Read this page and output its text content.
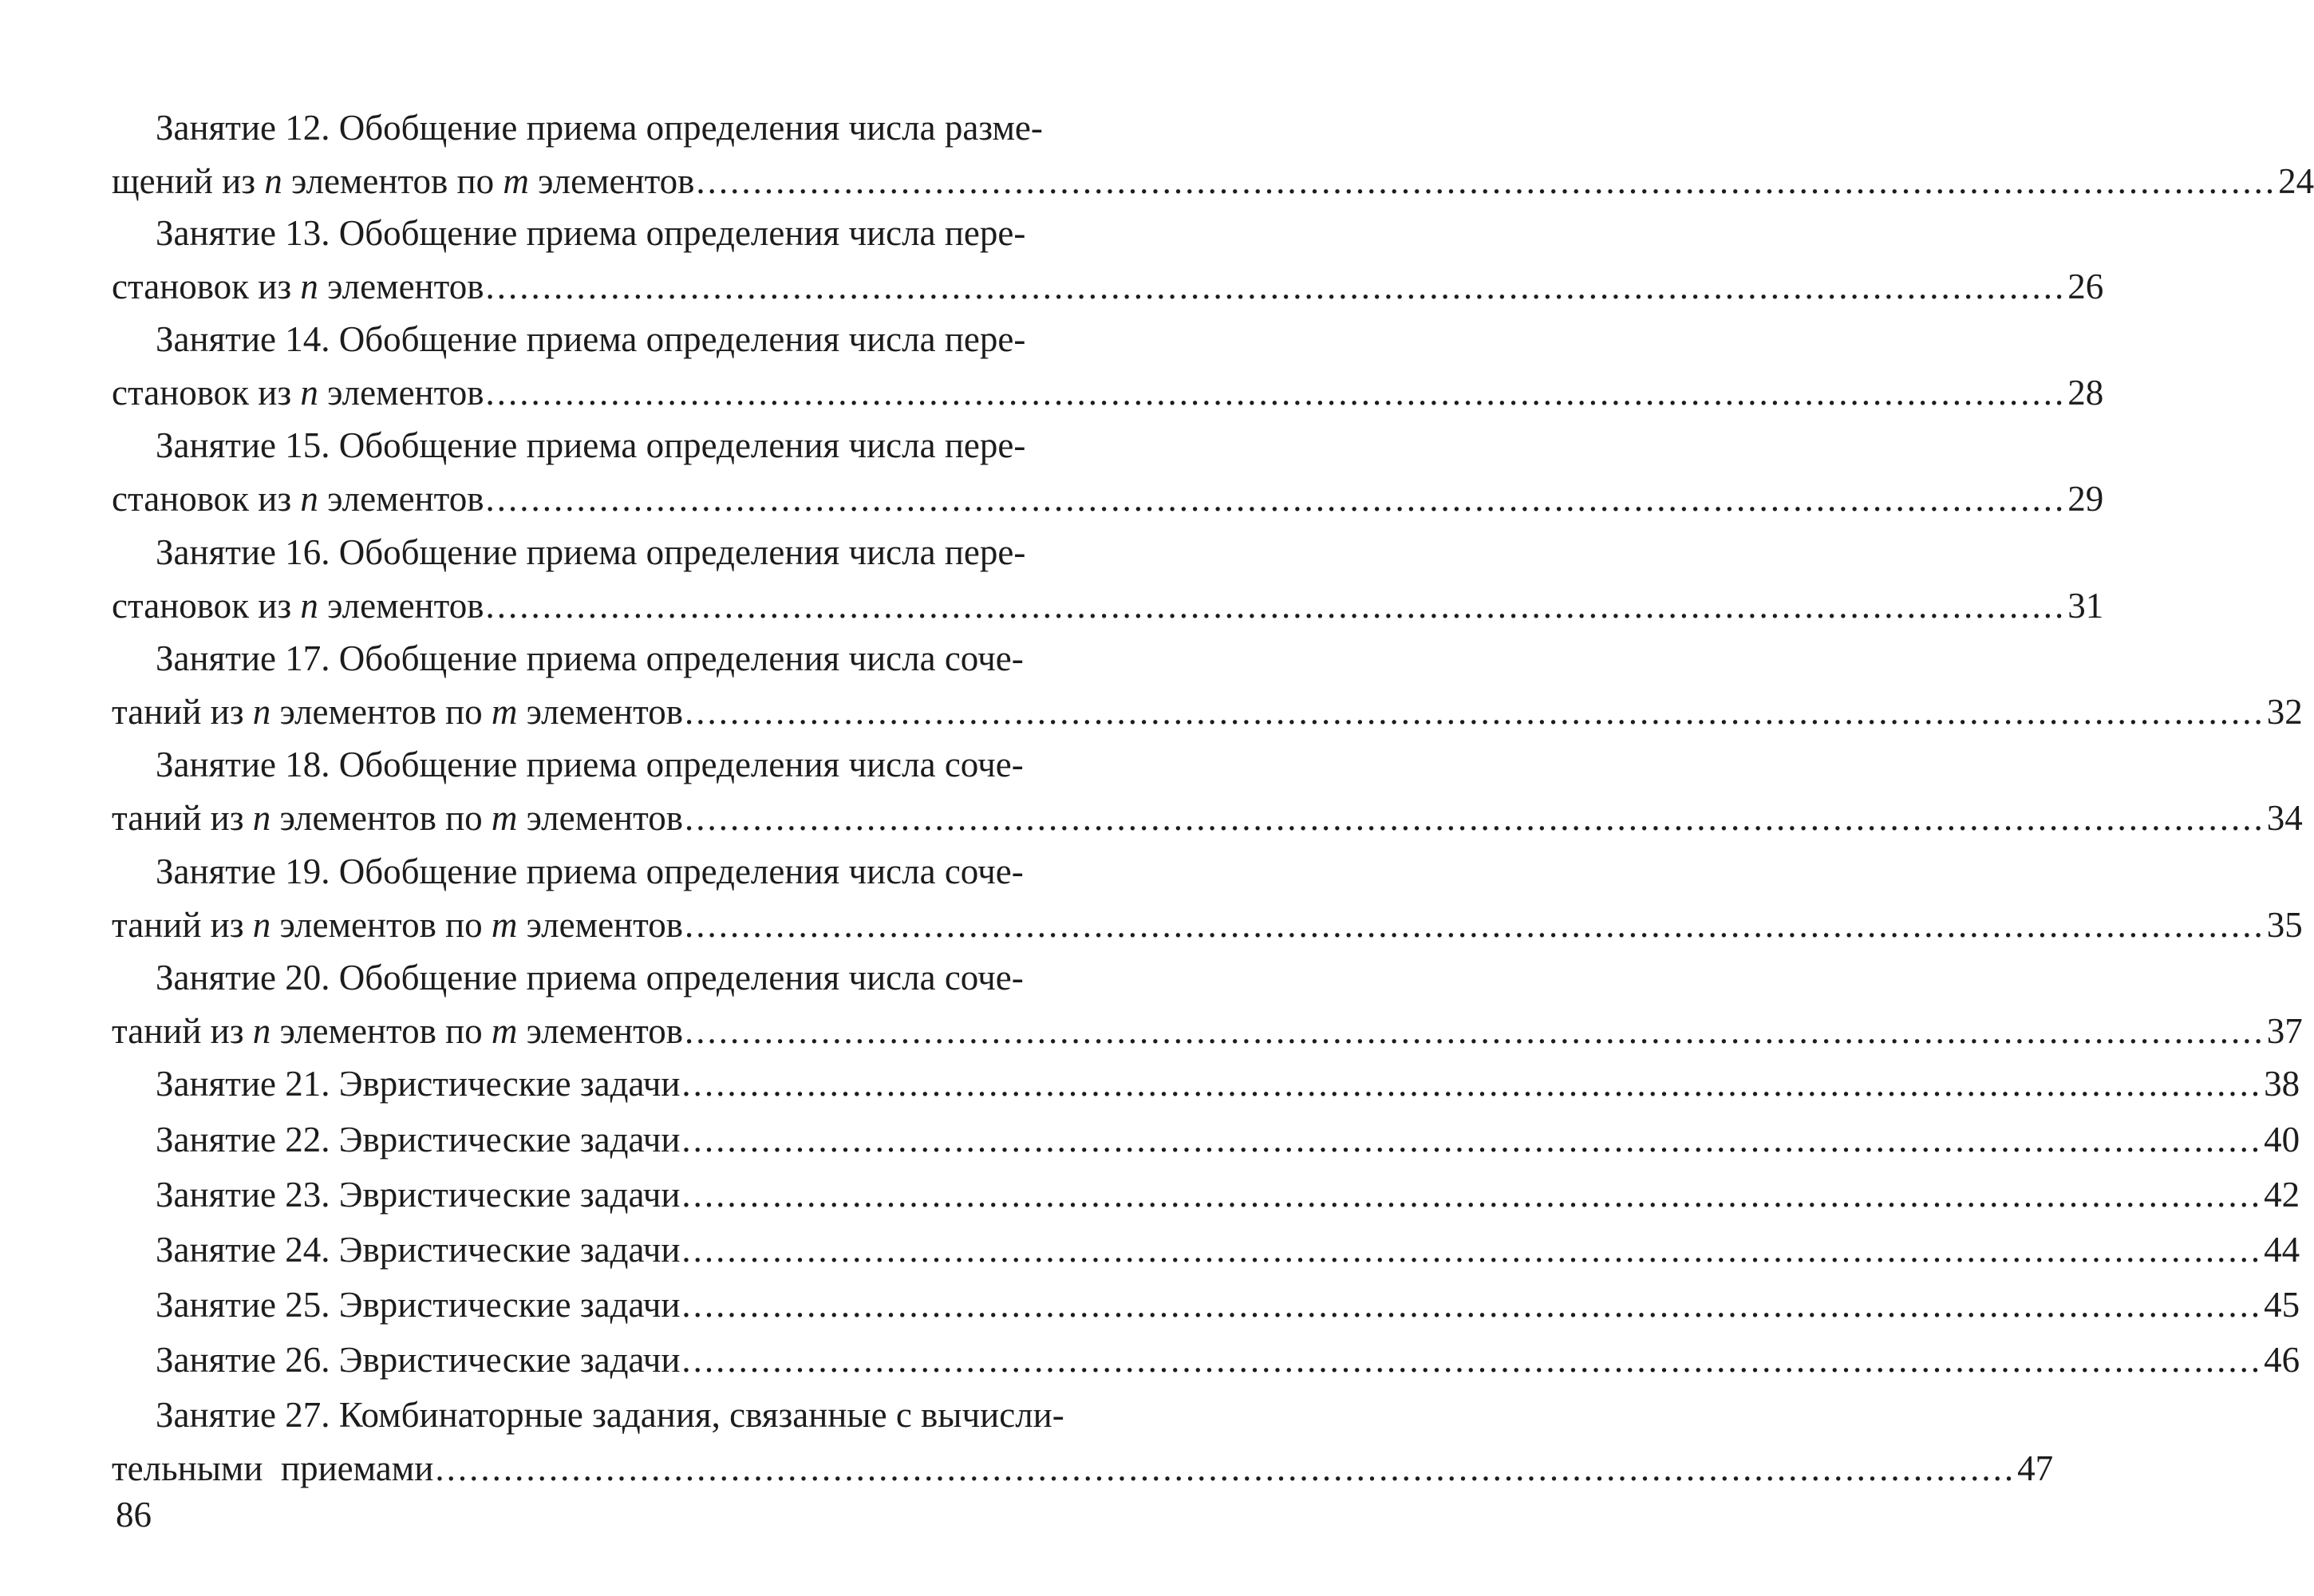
Занятие 12. Обобщение приема определения числа разме-
щений из n элементов по m элементов ........................................................................................................................................... 24
Занятие 13. Обобщение приема определения числа пере-
становок из n элементов ........................................................................................................................................... 26
Занятие 14. Обобщение приема определения числа пере-
становок из n элементов ........................................................................................................................................... 28
Занятие 15. Обобщение приема определения числа пере-
становок из n элементов ........................................................................................................................................... 29
Занятие 16. Обобщение приема определения числа пере-
становок из n элементов ........................................................................................................................................... 31
Занятие 17. Обобщение приема определения числа соче-
таний из n элементов по m элементов ........................................................................................................................................... 32
Занятие 18. Обобщение приема определения числа соче-
таний из n элементов по m элементов ........................................................................................................................................... 34
Занятие 19. Обобщение приема определения числа соче-
таний из n элементов по m элементов ........................................................................................................................................... 35
Занятие 20. Обобщение приема определения числа соче-
таний из n элементов по m элементов ........................................................................................................................................... 37
Занятие 21. Эвристические задачи ........................................................................................................................................... 38
Занятие 22. Эвристические задачи ........................................................................................................................................... 40
Занятие 23. Эвристические задачи ........................................................................................................................................... 42
Занятие 24. Эвристические задачи ........................................................................................................................................... 44
Занятие 25. Эвристические задачи ........................................................................................................................................... 45
Занятие 26. Эвристические задачи ........................................................................................................................................... 46
Занятие 27. Комбинаторные задания, связанные с вычисли-
тельными  приемами ........................................................................................................................................... 47
86
